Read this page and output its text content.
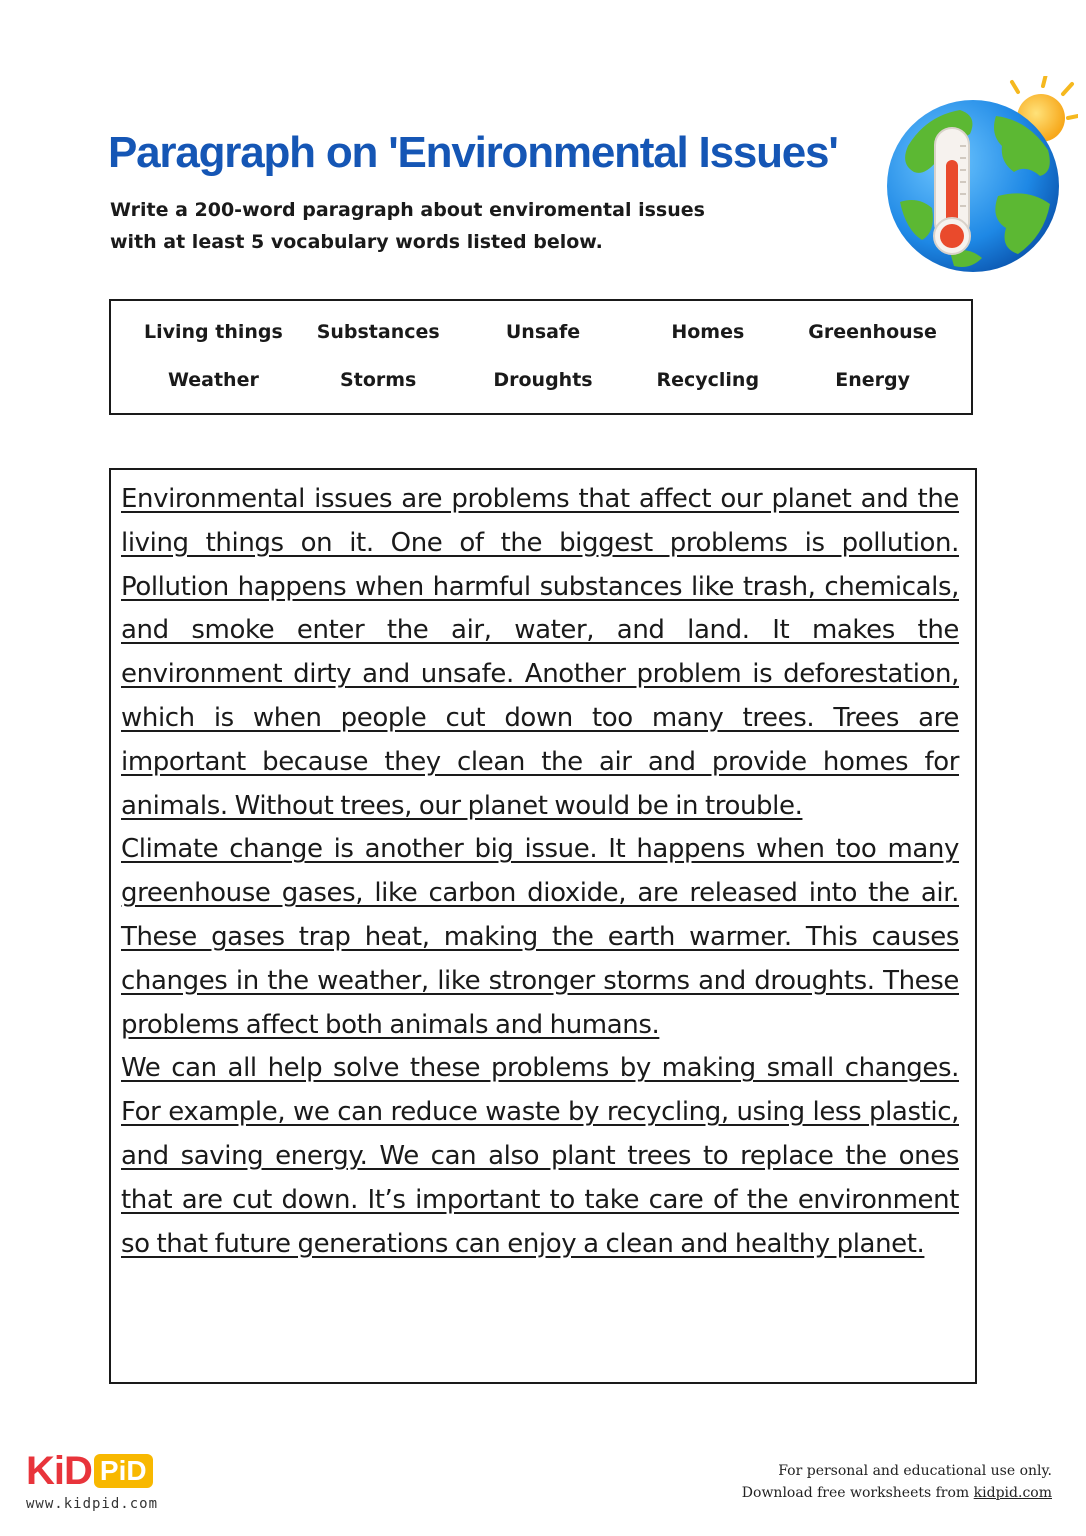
Paragraph on 'Environmental Issues'
Write a 200-word paragraph about enviromental issues
with at least 5 vocabulary words listed below.
Living things	Substances	Unsafe	Homes	Greenhouse
Weather	Storms	Droughts	Recycling	Energy

Environmental issues are problems that affect our planet and the living things on it. One of the biggest problems is pollution. Pollution happens when harmful substances like trash, chemicals, and smoke enter the air, water, and land. It makes the environment dirty and unsafe. Another problem is deforestation, which is when people cut down too many trees. Trees are important because they clean the air and provide homes for animals. Without trees, our planet would be in trouble.

Climate change is another big issue. It happens when too many greenhouse gases, like carbon dioxide, are released into the air. These gases trap heat, making the earth warmer. This causes changes in the weather, like stronger storms and droughts. These problems affect both animals and humans.

We can all help solve these problems by making small changes. For example, we can reduce waste by recycling, using less plastic, and saving energy. We can also plant trees to replace the ones that are cut down. It’s important to take care of the environment so that future generations can enjoy a clean and healthy planet.

KiD PiD
www.kidpid.com
For personal and educational use only.
Download free worksheets from kidpid.com
